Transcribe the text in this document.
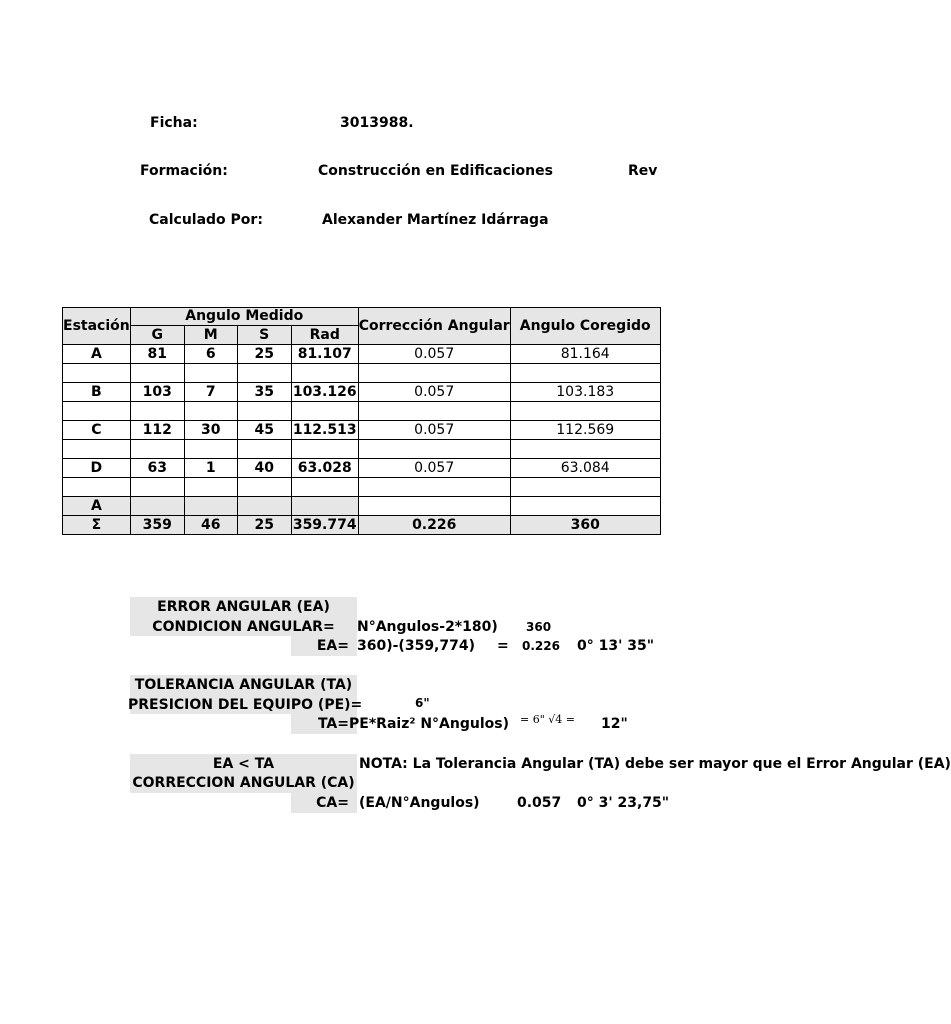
Ficha:	3013988.
Formación:	Construcción en Edificaciones	Rev
Calculado Por:	Alexander Martínez Idárraga
Estación	Angulo Medido				Corrección Angular	Angulo Coregido
	G	M	S	Rad		
A	81	6	25	81.107	0.057	81.164

B	103	7	35	103.126	0.057	103.183

C	112	30	45	112.513	0.057	112.569

D	63	1	40	63.028	0.057	63.084

A						
Σ	359	46	25	359.774	0.226	360
ERROR ANGULAR (EA)
CONDICION ANGULAR=	N°Angulos-2*180)	360
EA= 360)-(359,774)	= 0.226 0° 13' 35"
TOLERANCIA ANGULAR (TA)
PRESICION DEL EQUIPO (PE)=	6"
TA= PE*Raiz² N°Angulos) = 6" √4 = 12"
EA < TA
CORRECCION ANGULAR (CA)
NOTA: La Tolerancia Angular (TA) debe ser mayor que el Error Angular (EA)
CA= (EA/N°Angulos)	0.057 0° 3' 23,75"
